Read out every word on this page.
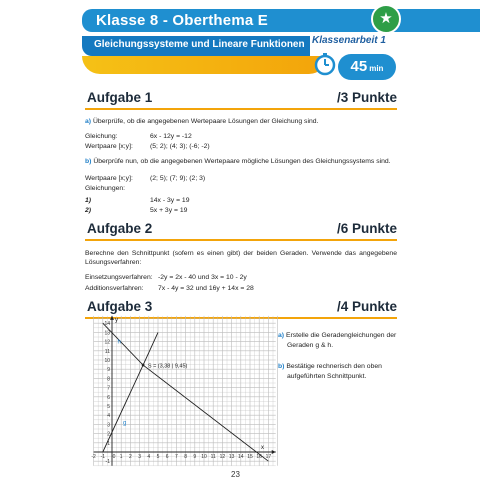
Klasse 8 - Oberthema E
Gleichungssysteme und Lineare Funktionen
★
Klassenarbeit 1
45 min
Aufgabe 1	/3 Punkte
a) Überprüfe, ob die angegebenen Wertepaare Lösungen der Gleichung sind.
Gleichung:	6x - 12y = -12
Wertpaare [x;y]:	(5; 2); (4; 3); (-6; -2)
b) Überprüfe nun, ob die angegebenen Wertepaare mögliche Lösungen des Gleichungssystems sind.
Wertpaare [x;y]:	(2; 5); (7; 9); (2; 3)
Gleichungen:
1)	14x - 3y = 19
2)	5x + 3y = 19
Aufgabe 2	/6 Punkte
Berechne den Schnittpunkt (sofern es einen gibt) der beiden Geraden. Verwende das angegebene
Lösungsverfahren:
Einsetzungsverfahren: -2y = 2x - 40 und 3x = 10 - 2y
Additionsverfahren: 7x - 4y = 32 und 16y + 14x = 28
Aufgabe 3	/4 Punkte
14
13
12
11
10
9
8
7
6
5
4
3
2
1
-1
-2 -1 0 1 2 3 4 5 6 7 8 9 10 11 12 13 14 15 16 17
y
x
g
h
S = (3,38 | 9,45)
a) Erstelle die Geradengleichungen der
Geraden g & h.
b) Bestätige rechnerisch den oben
aufgeführten Schnittpunkt.
23
